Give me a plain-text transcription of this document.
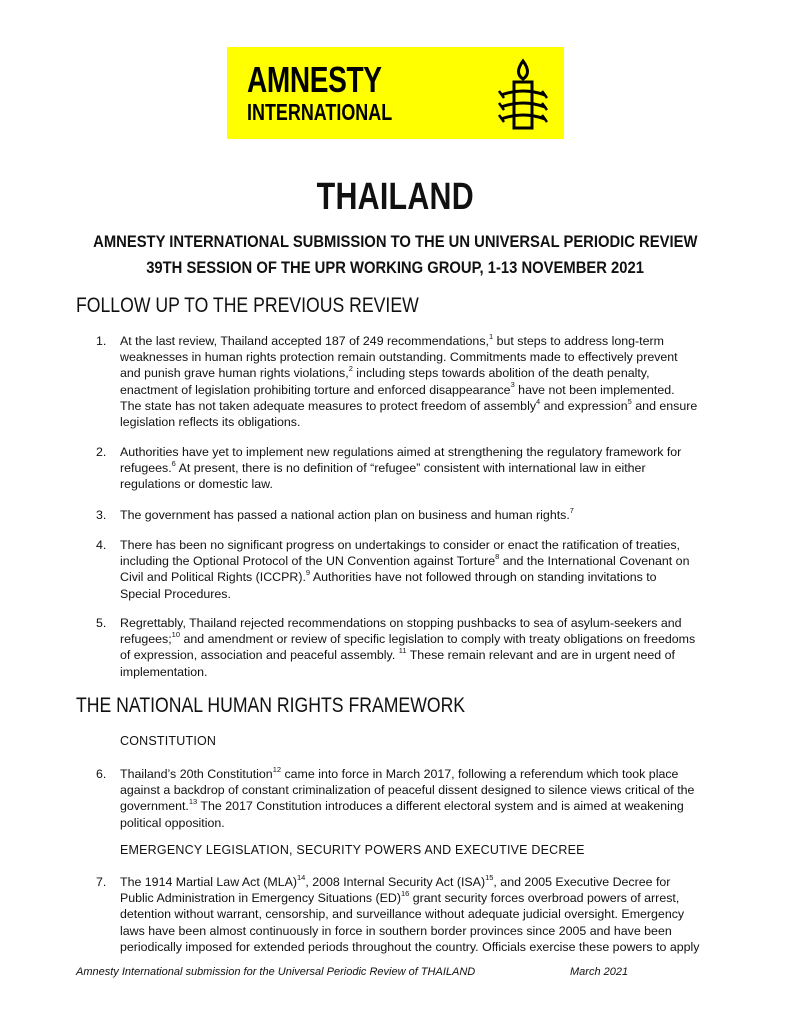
AMNESTY
INTERNATIONAL
THAILAND
AMNESTY INTERNATIONAL SUBMISSION TO THE UN UNIVERSAL PERIODIC REVIEW
39TH SESSION OF THE UPR WORKING GROUP, 1-13 NOVEMBER 2021
FOLLOW UP TO THE PREVIOUS REVIEW
1. At the last review, Thailand accepted 187 of 249 recommendations,$^1$ but steps to address long-term
weaknesses in human rights protection remain outstanding. Commitments made to effectively prevent
and punish grave human rights violations,$^2$ including steps towards abolition of the death penalty,
enactment of legislation prohibiting torture and enforced disappearance$^3$ have not been implemented.
The state has not taken adequate measures to protect freedom of assembly$^4$ and expression$^5$ and ensure
legislation reflects its obligations.
2. Authorities have yet to implement new regulations aimed at strengthening the regulatory framework for
refugees.$^6$ At present, there is no definition of “refugee” consistent with international law in either
regulations or domestic law.
3. The government has passed a national action plan on business and human rights.$^7$
4. There has been no significant progress on undertakings to consider or enact the ratification of treaties,
including the Optional Protocol of the UN Convention against Torture$^8$ and the International Covenant on
Civil and Political Rights (ICCPR).$^9$ Authorities have not followed through on standing invitations to
Special Procedures.
5. Regrettably, Thailand rejected recommendations on stopping pushbacks to sea of asylum-seekers and
refugees;$^{10}$ and amendment or review of specific legislation to comply with treaty obligations on freedoms
of expression, association and peaceful assembly. $^{11}$ These remain relevant and are in urgent need of
implementation.
THE NATIONAL HUMAN RIGHTS FRAMEWORK
CONSTITUTION
6. Thailand’s 20th Constitution$^{12}$ came into force in March 2017, following a referendum which took place
against a backdrop of constant criminalization of peaceful dissent designed to silence views critical of the
government.$^{13}$ The 2017 Constitution introduces a different electoral system and is aimed at weakening
political opposition.
EMERGENCY LEGISLATION, SECURITY POWERS AND EXECUTIVE DECREE
7. The 1914 Martial Law Act (MLA)$^{14}$, 2008 Internal Security Act (ISA)$^{15}$, and 2005 Executive Decree for
Public Administration in Emergency Situations (ED)$^{16}$ grant security forces overbroad powers of arrest,
detention without warrant, censorship, and surveillance without adequate judicial oversight. Emergency
laws have been almost continuously in force in southern border provinces since 2005 and have been
periodically imposed for extended periods throughout the country. Officials exercise these powers to apply
Amnesty International submission for the Universal Periodic Review of THAILAND	March 2021
